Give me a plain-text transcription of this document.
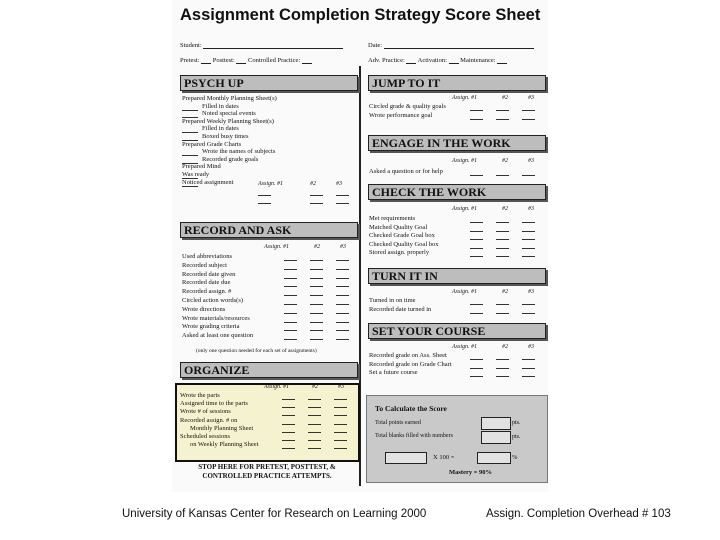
Assignment Completion Strategy Score Sheet
Student:	Date:
Pretest: Posttest: Controlled Practice:	Adv. Practice: Activation: Maintenance:
PSYCH UP
Prepared Monthly Planning Sheet(s)
Filled in dates
Noted special events
Prepared Weekly Planning Sheet(s)
Filled in dates
Boxed busy times
Prepared Grade Charts
Wrote the names of subjects
Recorded grade goals
Prepared Mind
Was ready
Noticed assignment	Assign. #1	#2	#3
RECORD AND ASK
Assign. #1	#2	#3
Used abbreviations
Recorded subject
Recorded date given
Recorded date due
Recorded assign. #
Circled action words(s)
Wrote directions
Wrote materials/resources
Wrote grading criteria
Asked at least one question
(only one question needed for each set of assignments)
ORGANIZE
Assign. #1	#2	#3
Wrote the parts
Assigned time to the parts
Wrote # of sessions
Recorded assign. # on
Monthly Planning Sheet
Scheduled sessions
on Weekly Planning Sheet
STOP HERE FOR PRETEST, POSTTEST, & CONTROLLED PRACTICE ATTEMPTS.
JUMP TO IT
Assign. #1	#2	#3
Circled grade & quality goals
Wrote performance goal
ENGAGE IN THE WORK
Assign. #1	#2	#3
Asked a question or for help
CHECK THE WORK
Assign. #1	#2	#3
Met requirements
Matched Quality Goal
Checked Grade Goal box
Checked Quality Goal box
Stored assign. properly
TURN IT IN
Assign. #1	#2	#3
Turned in on time
Recorded date turned in
SET YOUR COURSE
Assign. #1	#2	#3
Recorded grade on Ass. Sheet
Recorded grade on Grade Chart
Set a future course
To Calculate the Score
Total points earned	pts.
Total blanks filled with numbers	pts.
X 100 =	%
Mastery = 90%
University of Kansas Center for Research on Learning 2000	Assign. Completion Overhead # 103
